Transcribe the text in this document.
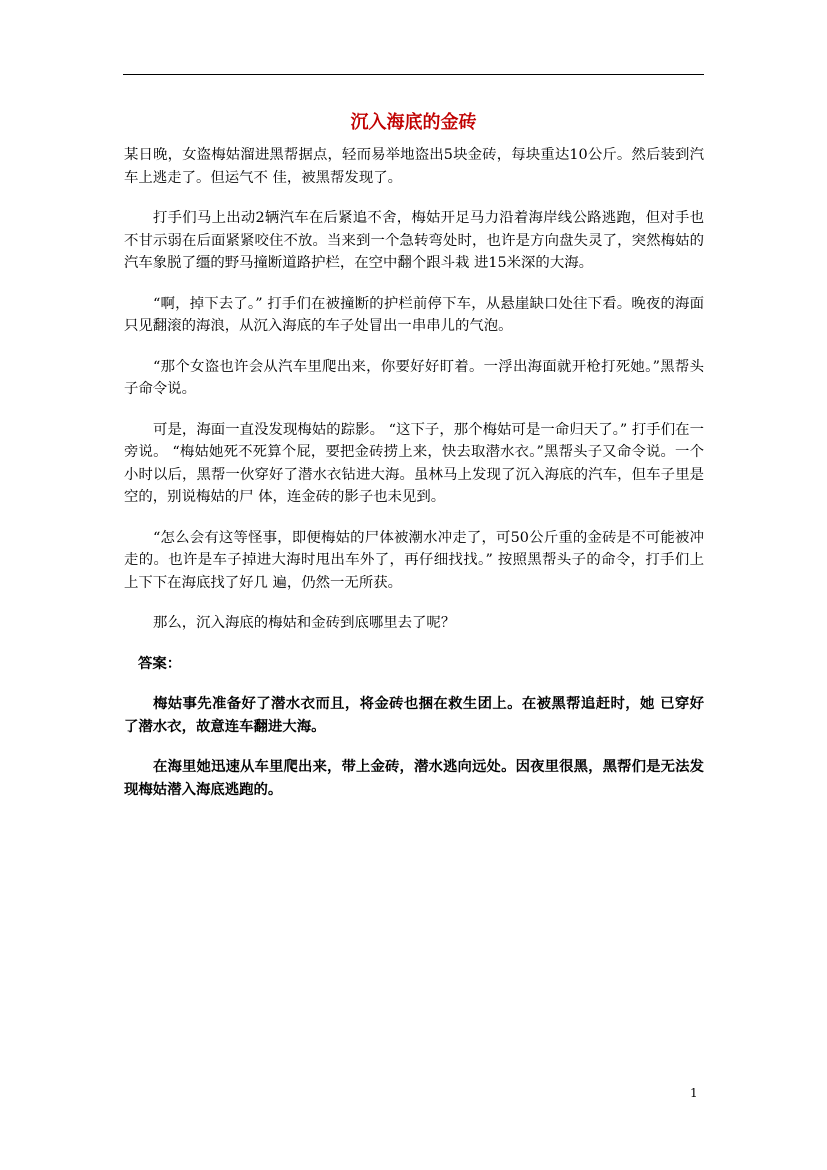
沉入海底的金砖

某日晚，女盗梅姑溜进黑帮据点，轻而易举地盗出5块金砖，每块重达10公斤。然后装到汽车上逃走了。但运气不 佳，被黑帮发现了。

打手们马上出动2辆汽车在后紧追不舍，梅姑开足马力沿着海岸线公路逃跑，但对手也不甘示弱在后面紧紧咬住不放。当来到一个急转弯处时，也许是方向盘失灵了，突然梅姑的汽车象脱了缰的野马撞断道路护栏，在空中翻个跟斗栽 进15米深的大海。

“啊，掉下去了。” 打手们在被撞断的护栏前停下车，从悬崖缺口处往下看。晚夜的海面只见翻滚的海浪，从沉入海底的车子处冒出一串串儿的气泡。

“那个女盗也许会从汽车里爬出来，你要好好盯着。一浮出海面就开枪打死她。”黑帮头子命令说。

可是，海面一直没发现梅姑的踪影。 “这下子，那个梅姑可是一命归天了。” 打手们在一旁说。 “梅姑她死不死算个屁，要把金砖捞上来，快去取潜水衣。”黑帮头子又命令说。一个小时以后，黑帮一伙穿好了潜水衣钻进大海。虽林马上发现了沉入海底的汽车，但车子里是空的，别说梅姑的尸 体，连金砖的影子也未见到。

“怎么会有这等怪事，即便梅姑的尸体被潮水冲走了，可50公斤重的金砖是不可能被冲走的。也许是车子掉进大海时甩出车外了，再仔细找找。” 按照黑帮头子的命令，打手们上上下下在海底找了好几 遍，仍然一无所获。

那么，沉入海底的梅姑和金砖到底哪里去了呢？

答案：

梅姑事先准备好了潜水衣而且，将金砖也捆在救生团上。在被黑帮追赶时，她 已穿好了潜水衣，故意连车翻进大海。

在海里她迅速从车里爬出来，带上金砖，潜水逃向远处。因夜里很黑，黑帮们是无法发现梅姑潜入海底逃跑的。

1
